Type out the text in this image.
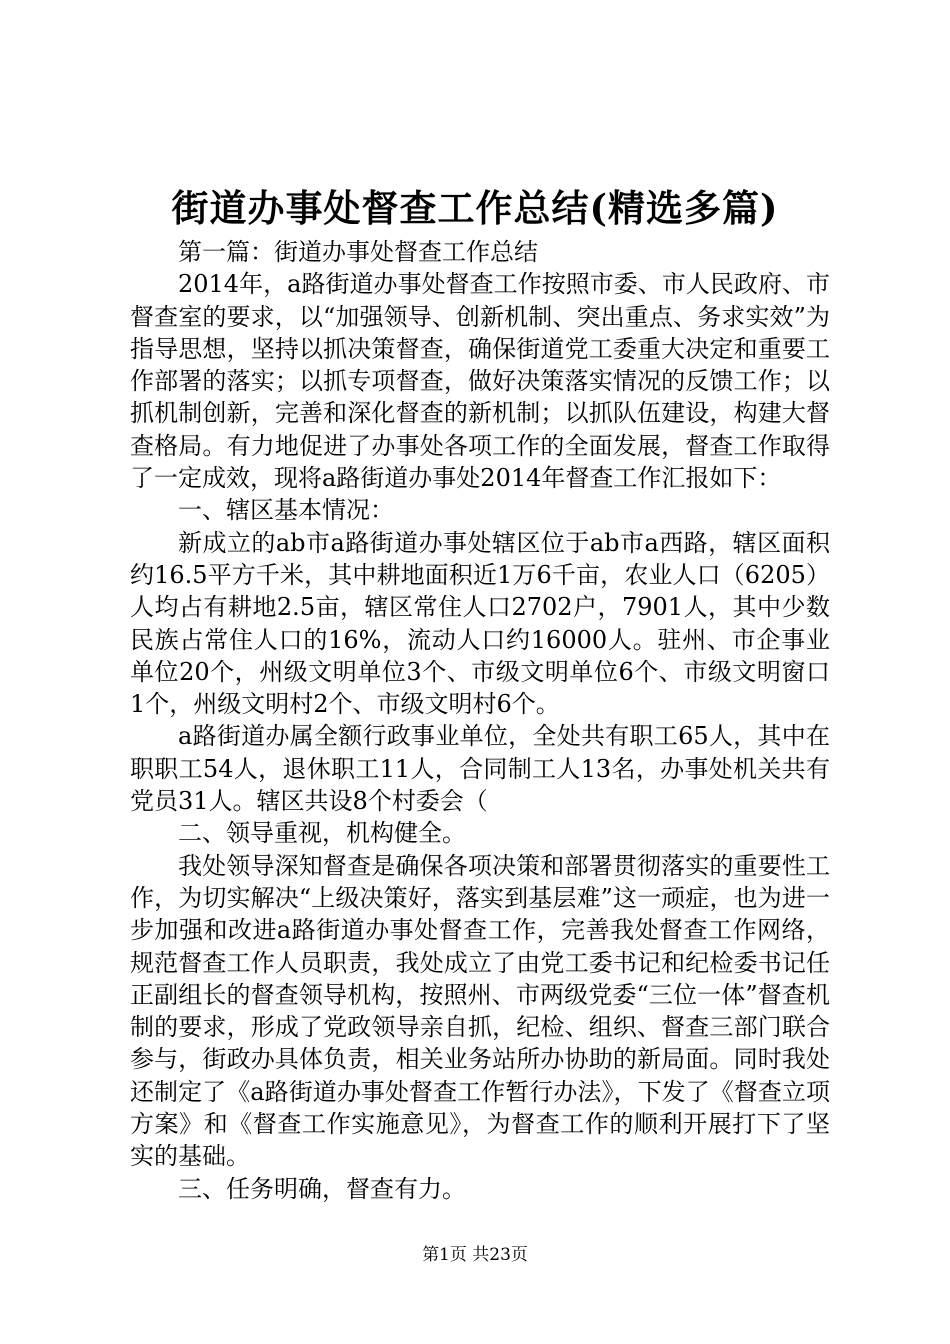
街道办事处督查工作总结(精选多篇)

第一篇：街道办事处督查工作总结

2014年，a路街道办事处督查工作按照市委、市人民政府、市督查室的要求，以“加强领导、创新机制、突出重点、务求实效”为指导思想，坚持以抓决策督查，确保街道党工委重大决定和重要工作部署的落实；以抓专项督查，做好决策落实情况的反馈工作；以抓机制创新，完善和深化督查的新机制；以抓队伍建设，构建大督查格局。有力地促进了办事处各项工作的全面发展，督查工作取得了一定成效，现将a路街道办事处2014年督查工作汇报如下：

一、辖区基本情况：

新成立的ab市a路街道办事处辖区位于ab市a西路，辖区面积约16.5平方千米，其中耕地面积近1万6千亩，农业人口（6205）人均占有耕地2.5亩，辖区常住人口2702户，7901人，其中少数民族占常住人口的16%，流动人口约16000人。驻州、市企事业单位20个，州级文明单位3个、市级文明单位6个、市级文明窗口1个，州级文明村2个、市级文明村6个。

a路街道办属全额行政事业单位，全处共有职工65人，其中在职职工54人，退休职工11人，合同制工人13名，办事处机关共有党员31人。辖区共设8个村委会（

二、领导重视，机构健全。

我处领导深知督查是确保各项决策和部署贯彻落实的重要性工作，为切实解决“上级决策好，落实到基层难”这一顽症，也为进一步加强和改进a路街道办事处督查工作，完善我处督查工作网络，规范督查工作人员职责，我处成立了由党工委书记和纪检委书记任正副组长的督查领导机构，按照州、市两级党委“三位一体”督查机制的要求，形成了党政领导亲自抓，纪检、组织、督查三部门联合参与，街政办具体负责，相关业务站所办协助的新局面。同时我处还制定了《a路街道办事处督查工作暂行办法》，下发了《督查立项方案》和《督查工作实施意见》，为督查工作的顺利开展打下了坚实的基础。

三、任务明确，督查有力。

第1页 共23页
